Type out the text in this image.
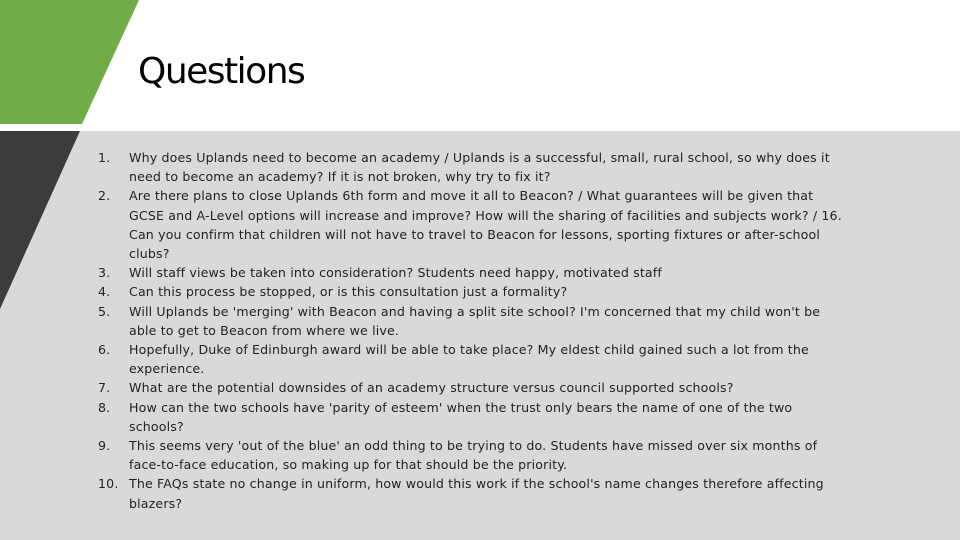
Questions
1.	Why does Uplands need to become an academy / Uplands is a successful, small, rural school, so why does it need to become an academy? If it is not broken, why try to fix it?
2.	Are there plans to close Uplands 6th form and move it all to Beacon? / What guarantees will be given that GCSE and A-Level options will increase and improve? How will the sharing of facilities and subjects work? / 16. Can you confirm that children will not have to travel to Beacon for lessons, sporting fixtures or after-school clubs?
3.	Will staff views be taken into consideration? Students need happy, motivated staff
4.	Can this process be stopped, or is this consultation just a formality?
5.	Will Uplands be 'merging' with Beacon and having a split site school? I'm concerned that my child won't be able to get to Beacon from where we live.
6.	Hopefully, Duke of Edinburgh award will be able to take place? My eldest child gained such a lot from the experience.
7.	What are the potential downsides of an academy structure versus council supported schools?
8.	How can the two schools have 'parity of esteem' when the trust only bears the name of one of the two schools?
9.	This seems very 'out of the blue' an odd thing to be trying to do. Students have missed over six months of face-to-face education, so making up for that should be the priority.
10. The FAQs state no change in uniform, how would this work if the school's name changes therefore affecting blazers?
